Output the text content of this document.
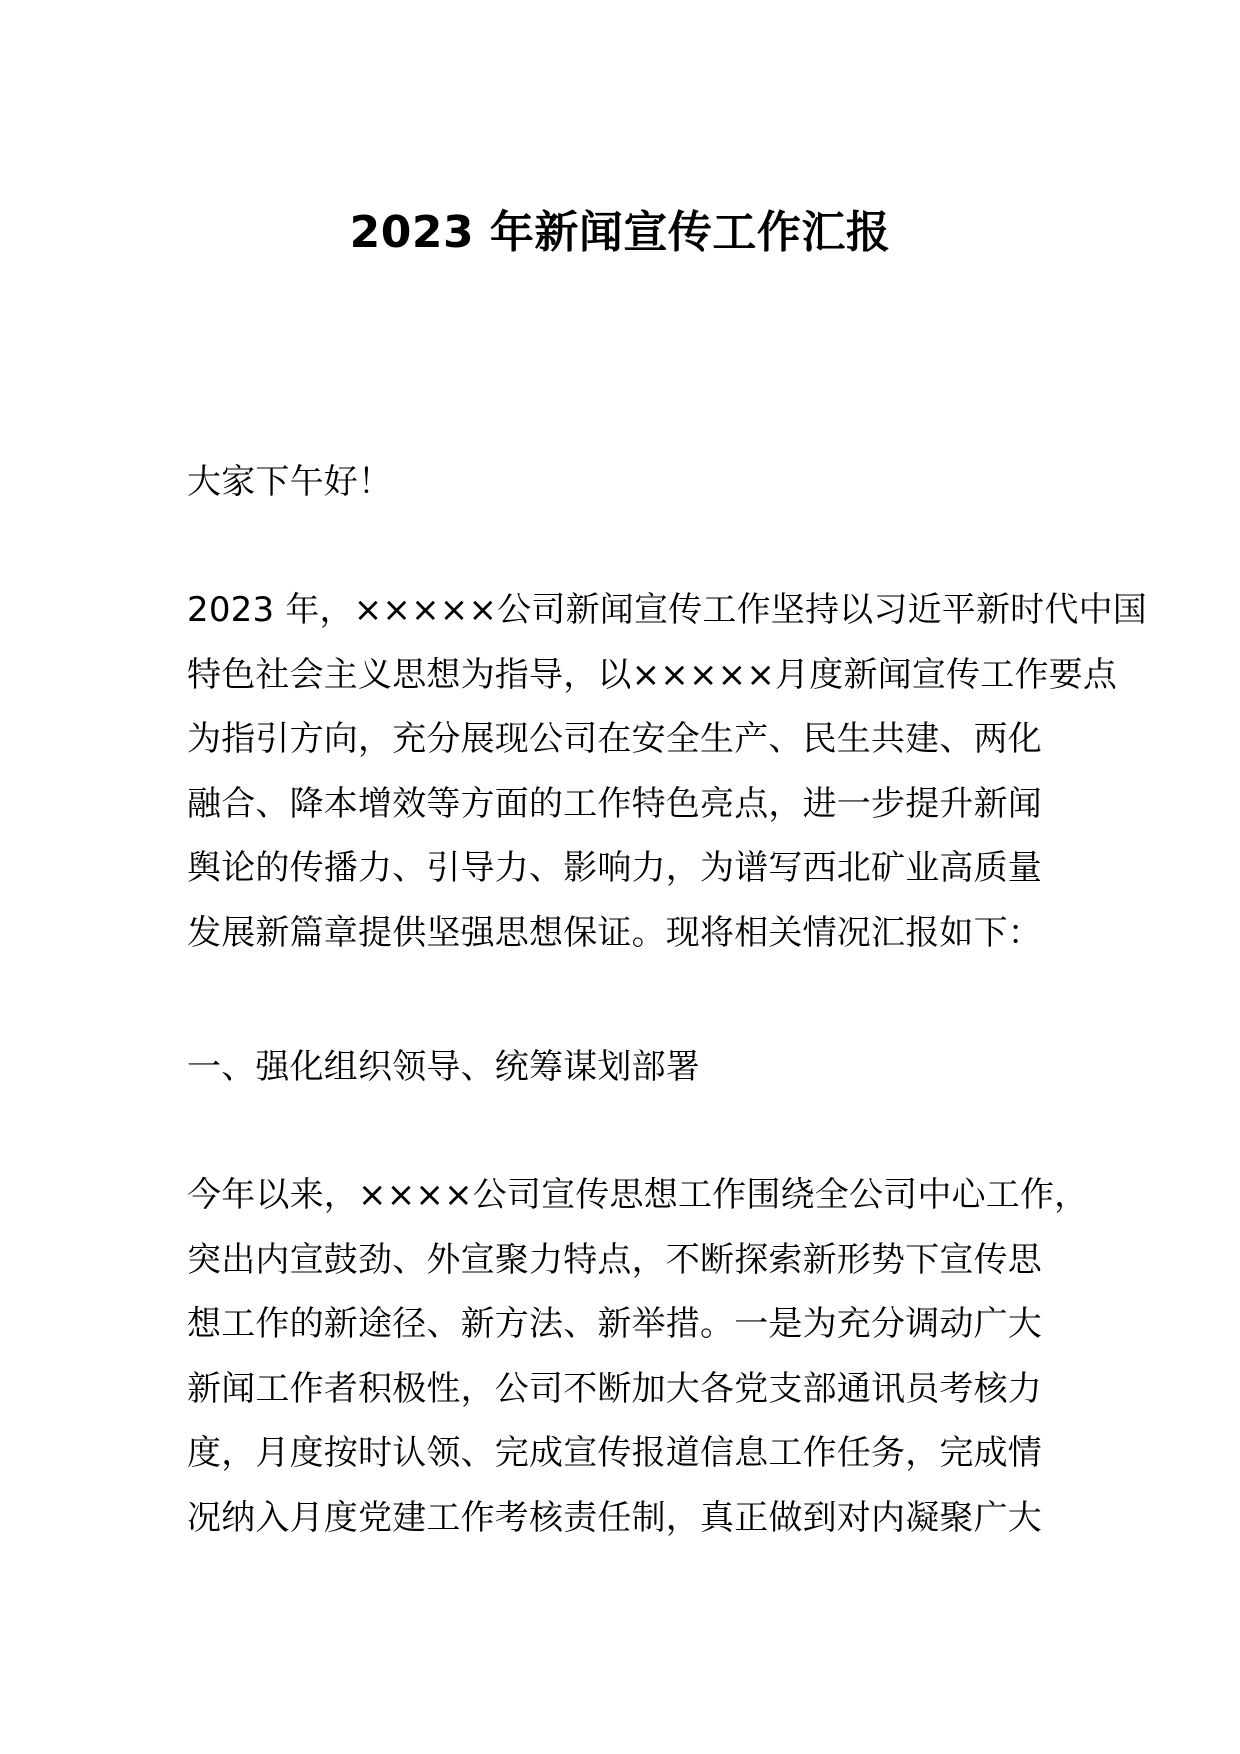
2023 年新闻宣传工作汇报
大家下午好！
2023 年，×××××公司新闻宣传工作坚持以习近平新时代中国
特色社会主义思想为指导，以×××××月度新闻宣传工作要点
为指引方向，充分展现公司在安全生产、民生共建、两化
融合、降本增效等方面的工作特色亮点，进一步提升新闻
舆论的传播力、引导力、影响力，为谱写西北矿业高质量
发展新篇章提供坚强思想保证。现将相关情况汇报如下：
一、强化组织领导、统筹谋划部署
今年以来，××××公司宣传思想工作围绕全公司中心工作，
突出内宣鼓劲、外宣聚力特点，不断探索新形势下宣传思
想工作的新途径、新方法、新举措。一是为充分调动广大
新闻工作者积极性，公司不断加大各党支部通讯员考核力
度，月度按时认领、完成宣传报道信息工作任务，完成情
况纳入月度党建工作考核责任制，真正做到对内凝聚广大
